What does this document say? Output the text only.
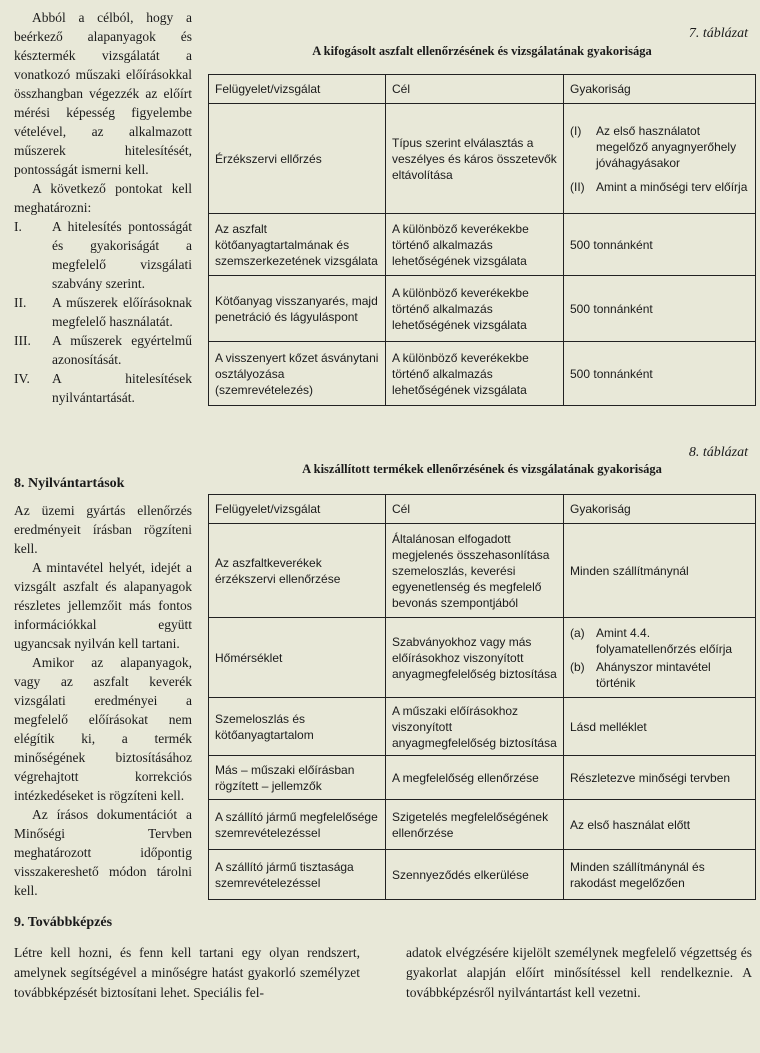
Abból a célból, hogy a beérkező alapanyagok és késztermék vizsgálatát a vonatkozó műszaki előírásokkal összhangban végezzék az előírt mérési képesség figyelembe vételével, az alkalmazott műszerek hitelesítését, pontosságát ismerni kell.

A következő pontokat kell meghatározni:

I.	A hitelesítés pontosságát és gyakoriságát a megfelelő vizsgálati szabvány szerint.
II.	A műszerek előírásoknak megfelelő használatát.
III.	A műszerek egyértelmű azonosítását.
IV.	A hitelesítések nyilvántartását.
8. Nyilvántartások

Az üzemi gyártás ellenőrzés eredményeit írásban rögzíteni kell.

A mintavétel helyét, idejét a vizsgált aszfalt és alapanyagok részletes jellemzőit más fontos információkkal együtt ugyancsak nyilván kell tartani.

Amikor az alapanyagok, vagy az aszfalt keverék vizsgálati eredményei a megfelelő előírásokat nem elégítik ki, a termék minőségének biztosításához végrehajtott korrekciós intézkedéseket is rögzíteni kell.

Az írásos dokumentációt a Minőségi Tervben meghatározott időpontig visszakereshető módon tárolni kell.

7. táblázat
A kifogásolt aszfalt ellenőrzésének és vizsgálatának gyakorisága
Felügyelet/vizsgálat	Cél	Gyakoriság
Érzékszervi ellőrzés	Típus szerint elválasztás a veszélyes és káros összetevők eltávolítása	(I) Az első használatot megelőző anyagnyerőhely jóváhagyásakor
(II) Amint a minőségi terv előírja

Az aszfalt kötőanyagtartalmának és szemszerkezetének vizsgálata	A különböző keverékekbe történő alkalmazás lehetőségének vizsgálata	500 tonnánként
Kötőanyag visszanyarés, majd penetráció és lágyuláspont	A különböző keverékekbe történő alkalmazás lehetőségének vizsgálata	500 tonnánként
A visszenyert kőzet ásványtani osztályozása (szemrevételezés)	A különböző keverékekbe történő alkalmazás lehetőségének vizsgálata	500 tonnánként
8. táblázat
A kiszállított termékek ellenőrzésének és vizsgálatának gyakorisága
Felügyelet/vizsgálat	Cél	Gyakoriság
Az aszfaltkeverékek érzékszervi ellenőrzése	Általánosan elfogadott megjelenés összehasonlítása szemeloszlás, keverési egyenetlenség és megfelelő bevonás szempontjából	Minden szállítmánynál
Hőmérséklet	Szabványokhoz vagy más előírásokhoz viszonyított anyagmegfelelőség biztosítása	(a) Amint 4.4. folyamatellenőrzés előírja
(b) Ahányszor mintavétel történik

Szemeloszlás és kötőanyagtartalom	A műszaki előírásokhoz viszonyított anyagmegfelelőség biztosítása	Lásd melléklet
Más – műszaki előírásban rögzített – jellemzők	A megfelelőség ellenőrzése	Részletezve minőségi tervben
A szállító jármű megfelelősége szemrevételezéssel	Szigetelés megfelelőségének ellenőrzése	Az első használat előtt
A szállító jármű tisztasága szemrevételezéssel	Szennyeződés elkerülése	Minden szállítmánynál és rakodást megelőzően
9. Továbbképzés
Létre kell hozni, és fenn kell tartani egy olyan rendszert, amelynek segítségével a minőségre hatást gyakorló személyzet továbbképzését biztosítani lehet. Speciális fel-
adatok elvégzésére kijelölt személynek megfelelő végzettség és gyakorlat alapján előírt minősítéssel kell rendelkeznie. A továbbképzésről nyilvántartást kell vezetni.
